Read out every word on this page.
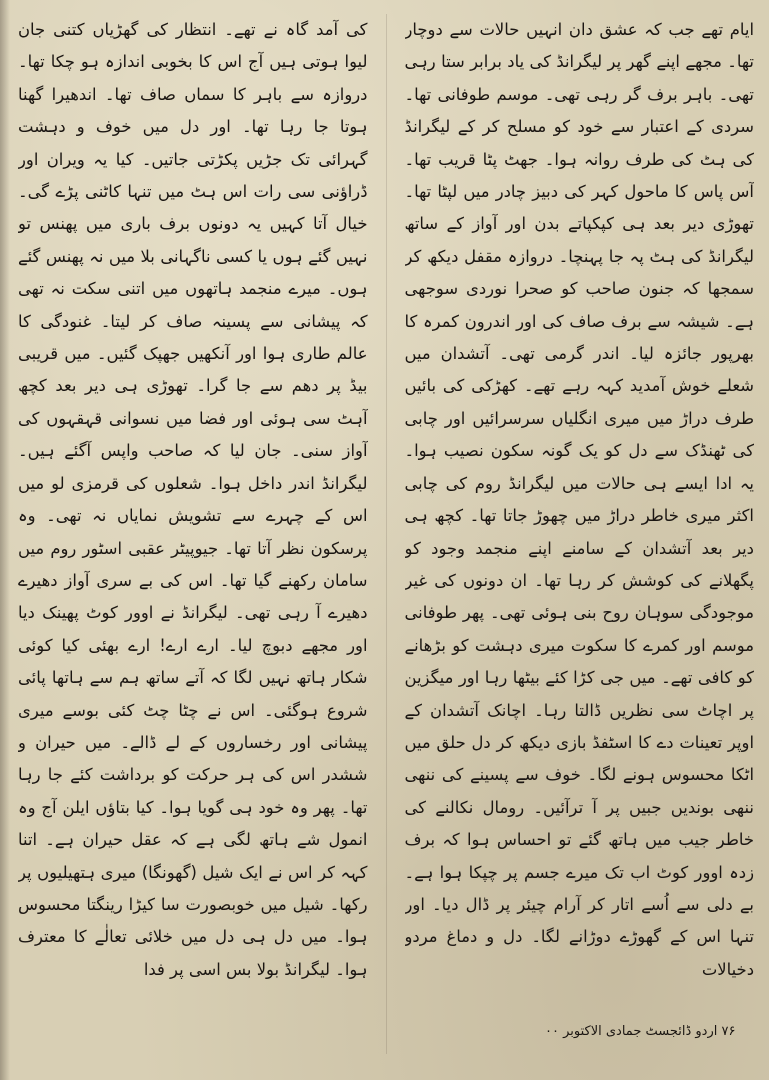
کی آمد گاہ نے تھے۔ انتظار کی گھڑیاں کتنی جان لیوا ہوتی ہیں آج اس کا بخوبی اندازہ ہو چکا تھا۔ دروازہ سے باہر کا سماں صاف تھا۔ اندھیرا گھنا ہوتا جا رہا تھا۔ اور دل میں خوف و دہشت گہرائی تک جڑیں پکڑتی جاتیں۔ کیا یہ ویران اور ڈراؤنی سی رات اس ہٹ میں تنہا کاٹنی پڑے گی۔ خیال آتا کہیں یہ دونوں برف باری میں پھنس تو نہیں گئے ہوں یا کسی ناگہانی بلا میں نہ پھنس گئے ہوں۔ میرے منجمد ہاتھوں میں اتنی سکت نہ تھی کہ پیشانی سے پسینہ صاف کر لیتا۔ غنودگی کا عالم طاری ہوا اور آنکھیں جھپک گئیں۔ میں قریبی بیڈ پر دھم سے جا گرا۔ تھوڑی ہی دیر بعد کچھ آہٹ سی ہوئی اور فضا میں نسوانی قہقہوں کی آواز سنی۔ جان لیا کہ صاحب واپس آگئے ہیں۔ لیگرانڈ اندر داخل ہوا۔ شعلوں کی قرمزی لو میں اس کے چہرے سے تشویش نمایاں نہ تھی۔ وہ پرسکون نظر آتا تھا۔ جیوپیٹر عقبی اسٹور روم میں سامان رکھنے گیا تھا۔ اس کی بے سری آواز دھیرے دھیرے آ رہی تھی۔ لیگرانڈ نے اوور کوٹ پھینک دیا اور مجھے دبوچ لیا۔ ارے ارے! ارے بھئی کیا کوئی شکار ہاتھ نہیں لگا کہ آتے ساتھ ہم سے ہاتھا پائی شروع ہوگئی۔ اس نے چٹا چٹ کئی بوسے میری پیشانی اور رخساروں کے لے ڈالے۔ میں حیران و ششدر اس کی ہر حرکت کو برداشت کئے جا رہا تھا۔ پھر وہ خود ہی گویا ہوا۔ کیا بتاؤں ایلن آج وہ انمول شے ہاتھ لگی ہے کہ عقل حیران ہے۔ اتنا کہہ کر اس نے ایک شیل (گھونگا) میری ہتھیلیوں پر رکھا۔ شیل میں خوبصورت سا کیڑا رینگتا محسوس ہوا۔ میں دل ہی دل میں خلائی تعالٰے کا معترف ہوا۔ لیگرانڈ بولا بس اسی پر فدا

ایام تھے جب کہ عشق دان انہیں حالات سے دوچار تھا۔ مجھے اپنے گھر پر لیگرانڈ کی یاد برابر ستا رہی تھی۔ باہر برف گر رہی تھی۔ موسم طوفانی تھا۔ سردی کے اعتبار سے خود کو مسلح کر کے لیگرانڈ کی ہٹ کی طرف روانہ ہوا۔ جھٹ پٹا قریب تھا۔ آس پاس کا ماحول کہر کی دبیز چادر میں لپٹا تھا۔ تھوڑی دیر بعد ہی کپکپاتے بدن اور آواز کے ساتھ لیگرانڈ کی ہٹ پہ جا پہنچا۔ دروازہ مقفل دیکھ کر سمجھا کہ جنون صاحب کو صحرا نوردی سوجھی ہے۔ شیشہ سے برف صاف کی اور اندرون کمرہ کا بھرپور جائزہ لیا۔ اندر گرمی تھی۔ آتشدان میں شعلے خوش آمدید کہہ رہے تھے۔ کھڑکی کی بائیں طرف دراڑ میں میری انگلیاں سرسرائیں اور چابی کی ٹھنڈک سے دل کو یک گونہ سکون نصیب ہوا۔ یہ ادا ایسے ہی حالات میں لیگرانڈ روم کی چابی اکثر میری خاطر دراڑ میں چھوڑ جاتا تھا۔ کچھ ہی دیر بعد آتشدان کے سامنے اپنے منجمد وجود کو پگھلانے کی کوشش کر رہا تھا۔ ان دونوں کی غیر موجودگی سوہان روح بنی ہوئی تھی۔ پھر طوفانی موسم اور کمرے کا سکوت میری دہشت کو بڑھانے کو کافی تھے۔ میں جی کڑا کئے بیٹھا رہا اور میگزین پر اچاٹ سی نظریں ڈالتا رہا۔ اچانک آتشدان کے اوپر تعینات دے کا اسٹفڈ بازی دیکھ کر دل حلق میں اٹکا محسوس ہونے لگا۔ خوف سے پسینے کی ننھی ننھی بوندیں جبیں پر آ ترآئیں۔ رومال نکالنے کی خاطر جیب میں ہاتھ گئے تو احساس ہوا کہ برف زدہ اوور کوٹ اب تک میرے جسم پر چپکا ہوا ہے۔ بے دلی سے اُسے اتار کر آرام چیئر پر ڈال دیا۔ اور تنہا اس کے گھوڑے دوڑانے لگا۔ دل و دماغ مردو دخیالات

۷۶ اردو ڈائجسٹ جمادی الاکتوبر ۰۰
